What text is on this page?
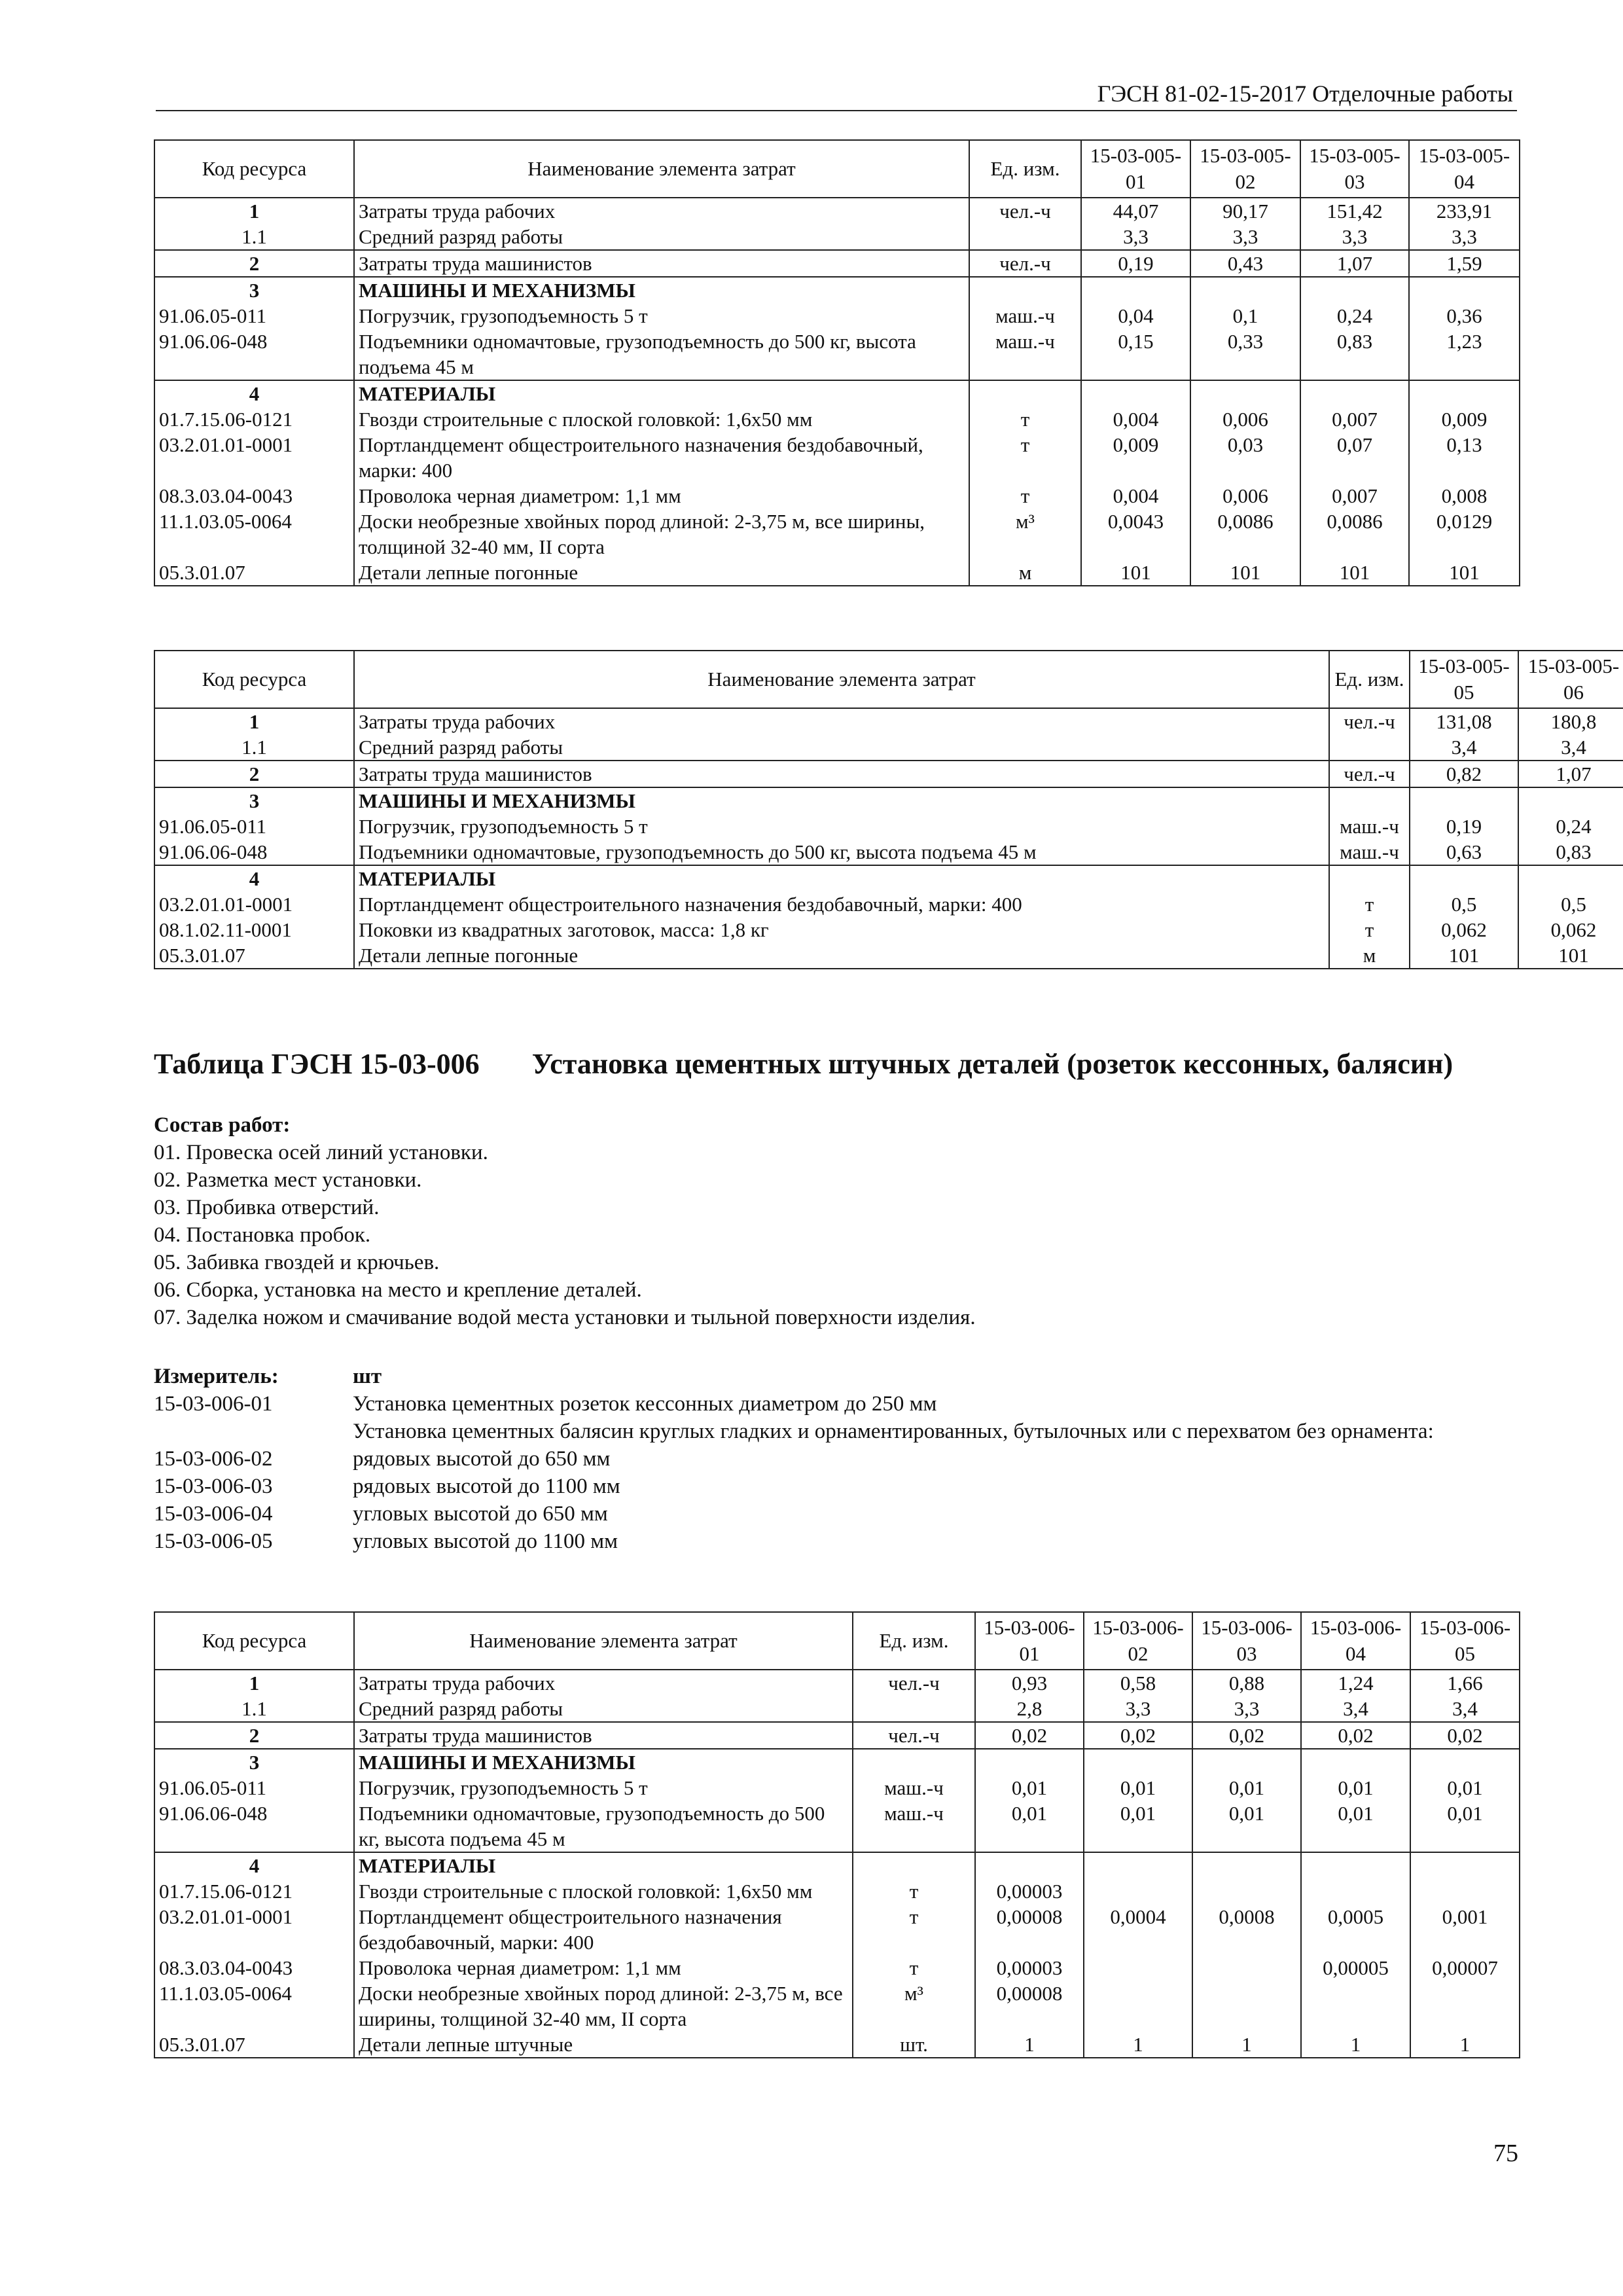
ГЭСН 81-02-15-2017 Отделочные работы
Код ресурса	Наименование элемента затрат	Ед. изм.	15-03-005-01	15-03-005-02	15-03-005-03	15-03-005-04
1	Затраты труда рабочих	чел.-ч	44,07	90,17	151,42	233,91
1.1	Средний разряд работы		3,3	3,3	3,3	3,3
2	Затраты труда машинистов	чел.-ч	0,19	0,43	1,07	1,59
3	МАШИНЫ И МЕХАНИЗМЫ					
91.06.05-011	Погрузчик, грузоподъемность 5 т	маш.-ч	0,04	0,1	0,24	0,36
91.06.06-048	Подъемники одномачтовые, грузоподъемность до 500 кг, высота подъема 45 м	маш.-ч	0,15	0,33	0,83	1,23
4	МАТЕРИАЛЫ					
01.7.15.06-0121	Гвозди строительные с плоской головкой: 1,6х50 мм	т	0,004	0,006	0,007	0,009
03.2.01.01-0001	Портландцемент общестроительного назначения бездобавочный, марки: 400	т	0,009	0,03	0,07	0,13
08.3.03.04-0043	Проволока черная диаметром: 1,1 мм	т	0,004	0,006	0,007	0,008
11.1.03.05-0064	Доски необрезные хвойных пород длиной: 2-3,75 м, все ширины, толщиной 32-40 мм, II сорта	м³	0,0043	0,0086	0,0086	0,0129
05.3.01.07	Детали лепные погонные	м	101	101	101	101
Код ресурса	Наименование элемента затрат	Ед. изм.	15-03-005-05	15-03-005-06
1	Затраты труда рабочих	чел.-ч	131,08	180,8
1.1	Средний разряд работы		3,4	3,4
2	Затраты труда машинистов	чел.-ч	0,82	1,07
3	МАШИНЫ И МЕХАНИЗМЫ			
91.06.05-011	Погрузчик, грузоподъемность 5 т	маш.-ч	0,19	0,24
91.06.06-048	Подъемники одномачтовые, грузоподъемность до 500 кг, высота подъема 45 м	маш.-ч	0,63	0,83
4	МАТЕРИАЛЫ			
03.2.01.01-0001	Портландцемент общестроительного назначения бездобавочный, марки: 400	т	0,5	0,5
08.1.02.11-0001	Поковки из квадратных заготовок, масса: 1,8 кг	т	0,062	0,062
05.3.01.07	Детали лепные погонные	м	101	101
Таблица ГЭСН 15-03-006 Установка цементных штучных деталей (розеток кессонных, балясин)

Состав работ:

01. Провеска осей линий установки.

02. Разметка мест установки.

03. Пробивка отверстий.

04. Постановка пробок.

05. Забивка гвоздей и крючьев.

06. Сборка, установка на место и крепление деталей.

07. Заделка ножом и смачивание водой места установки и тыльной поверхности изделия.

Измеритель:	шт
15-03-006-01	Установка цементных розеток кессонных диаметром до 250 мм
Установка цементных балясин круглых гладких и орнаментированных, бутылочных или с перехватом без орнамента:
15-03-006-02	рядовых высотой до 650 мм
15-03-006-03	рядовых высотой до 1100 мм
15-03-006-04	угловых высотой до 650 мм
15-03-006-05	угловых высотой до 1100 мм
Код ресурса	Наименование элемента затрат	Ед. изм.	15-03-006-01	15-03-006-02	15-03-006-03	15-03-006-04	15-03-006-05
1	Затраты труда рабочих	чел.-ч	0,93	0,58	0,88	1,24	1,66
1.1	Средний разряд работы		2,8	3,3	3,3	3,4	3,4
2	Затраты труда машинистов	чел.-ч	0,02	0,02	0,02	0,02	0,02
3	МАШИНЫ И МЕХАНИЗМЫ						
91.06.05-011	Погрузчик, грузоподъемность 5 т	маш.-ч	0,01	0,01	0,01	0,01	0,01
91.06.06-048	Подъемники одномачтовые, грузоподъемность до 500 кг, высота подъема 45 м	маш.-ч	0,01	0,01	0,01	0,01	0,01
4	МАТЕРИАЛЫ						
01.7.15.06-0121	Гвозди строительные с плоской головкой: 1,6х50 мм	т	0,00003				
03.2.01.01-0001	Портландцемент общестроительного назначения бездобавочный, марки: 400	т	0,00008	0,0004	0,0008	0,0005	0,001
08.3.03.04-0043	Проволока черная диаметром: 1,1 мм	т	0,00003			0,00005	0,00007
11.1.03.05-0064	Доски необрезные хвойных пород длиной: 2-3,75 м, все ширины, толщиной 32-40 мм, II сорта	м³	0,00008				
05.3.01.07	Детали лепные штучные	шт.	1	1	1	1	1
75
